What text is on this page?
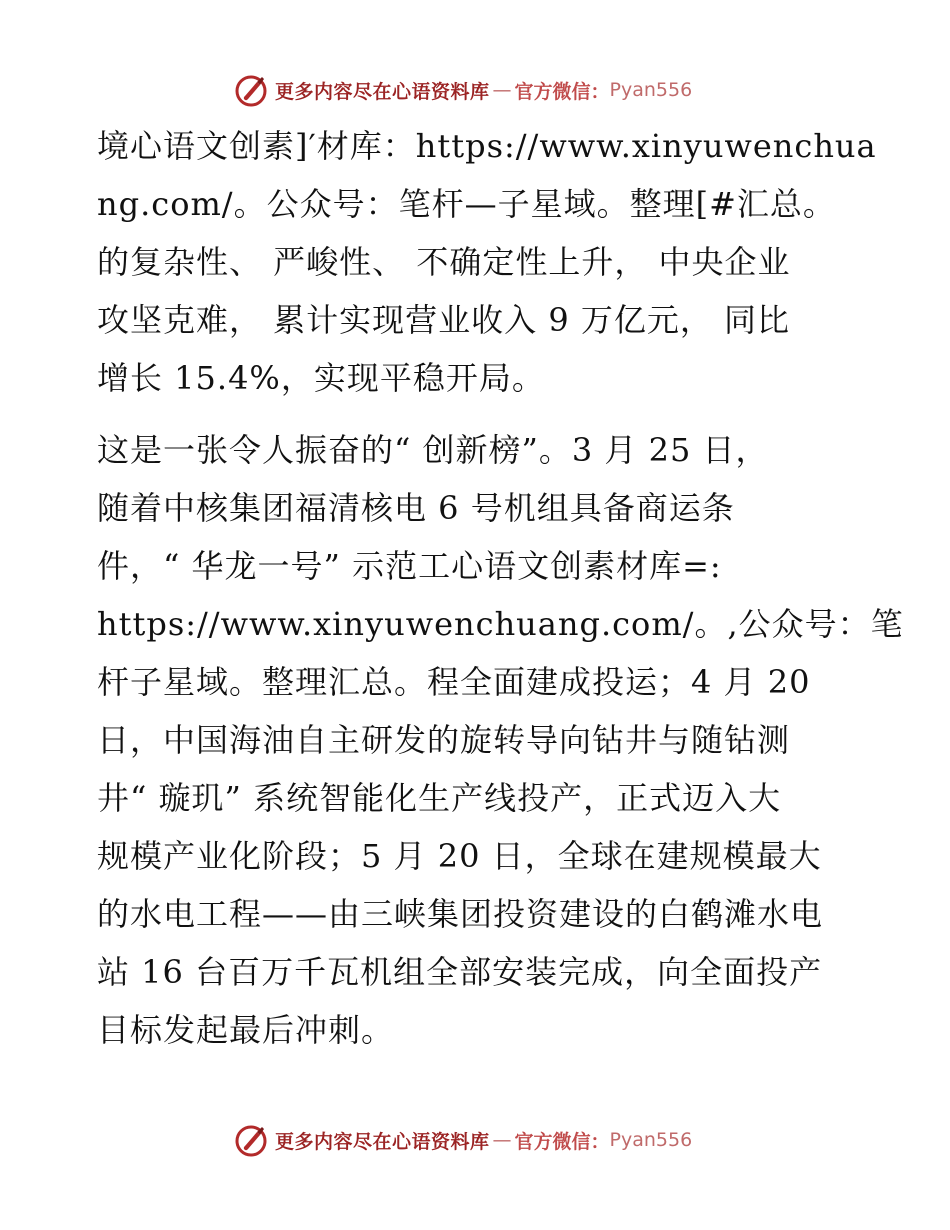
更多内容尽在心语资料库 — 官方微信： Pyan556
境心语文创素]′材库：https://www.xinyuwenchua
ng.com/。公众号：笔杆—子星域。整理[#汇总。
的复杂性、 严峻性、 不确定性上升， 中央企业
攻坚克难， 累计实现营业收入 9 万亿元， 同比
增长 15.4%，实现平稳开局。
这是一张令人振奋的“ 创新榜”。3 月 25 日，
随着中核集团福清核电 6 号机组具备商运条
件，“ 华龙一号” 示范工心语文创素材库=:
https://www.xinyuwenchuang.com/。,公众号：笔
杆子星域。整理汇总。程全面建成投运；4 月 20
日，中国海油自主研发的旋转导向钻井与随钻测
井“ 璇玑” 系统智能化生产线投产，正式迈入大
规模产业化阶段；5 月 20 日，全球在建规模最大
的水电工程——由三峡集团投资建设的白鹤滩水电
站 16 台百万千瓦机组全部安装完成，向全面投产
目标发起最后冲刺。
更多内容尽在心语资料库 — 官方微信： Pyan556
